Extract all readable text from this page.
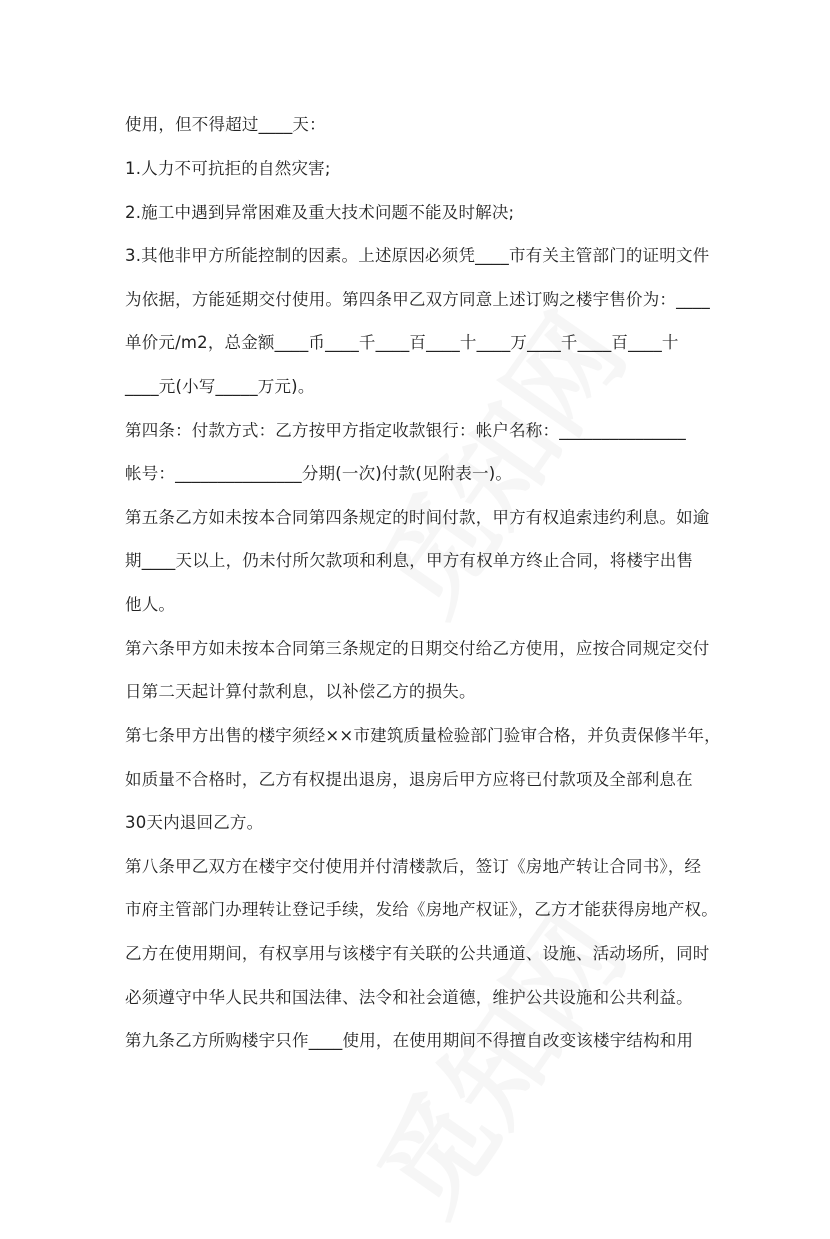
使用，但不得超过____天：
1.人力不可抗拒的自然灾害;
2.施工中遇到异常困难及重大技术问题不能及时解决;
3.其他非甲方所能控制的因素。上述原因必须凭____市有关主管部门的证明文件
为依据，方能延期交付使用。第四条甲乙双方同意上述订购之楼宇售价为：____
单价元/m2，总金额____币____千____百____十____万____千____百____十
____元(小写_____万元)。
第四条：付款方式：乙方按甲方指定收款银行：帐户名称：_______________
帐号：_______________分期(一次)付款(见附表一)。
第五条乙方如未按本合同第四条规定的时间付款，甲方有权追索违约利息。如逾
期____天以上，仍未付所欠款项和利息，甲方有权单方终止合同，将楼宇出售
他人。
第六条甲方如未按本合同第三条规定的日期交付给乙方使用，应按合同规定交付
日第二天起计算付款利息，以补偿乙方的损失。
第七条甲方出售的楼宇须经××市建筑质量检验部门验审合格，并负责保修半年，
如质量不合格时，乙方有权提出退房，退房后甲方应将已付款项及全部利息在
30天内退回乙方。
第八条甲乙双方在楼宇交付使用并付清楼款后，签订《房地产转让合同书》，经
市府主管部门办理转让登记手续，发给《房地产权证》，乙方才能获得房地产权。
乙方在使用期间，有权享用与该楼宇有关联的公共通道、设施、活动场所，同时
必须遵守中华人民共和国法律、法令和社会道德，维护公共设施和公共利益。
第九条乙方所购楼宇只作____使用，在使用期间不得擅自改变该楼宇结构和用
